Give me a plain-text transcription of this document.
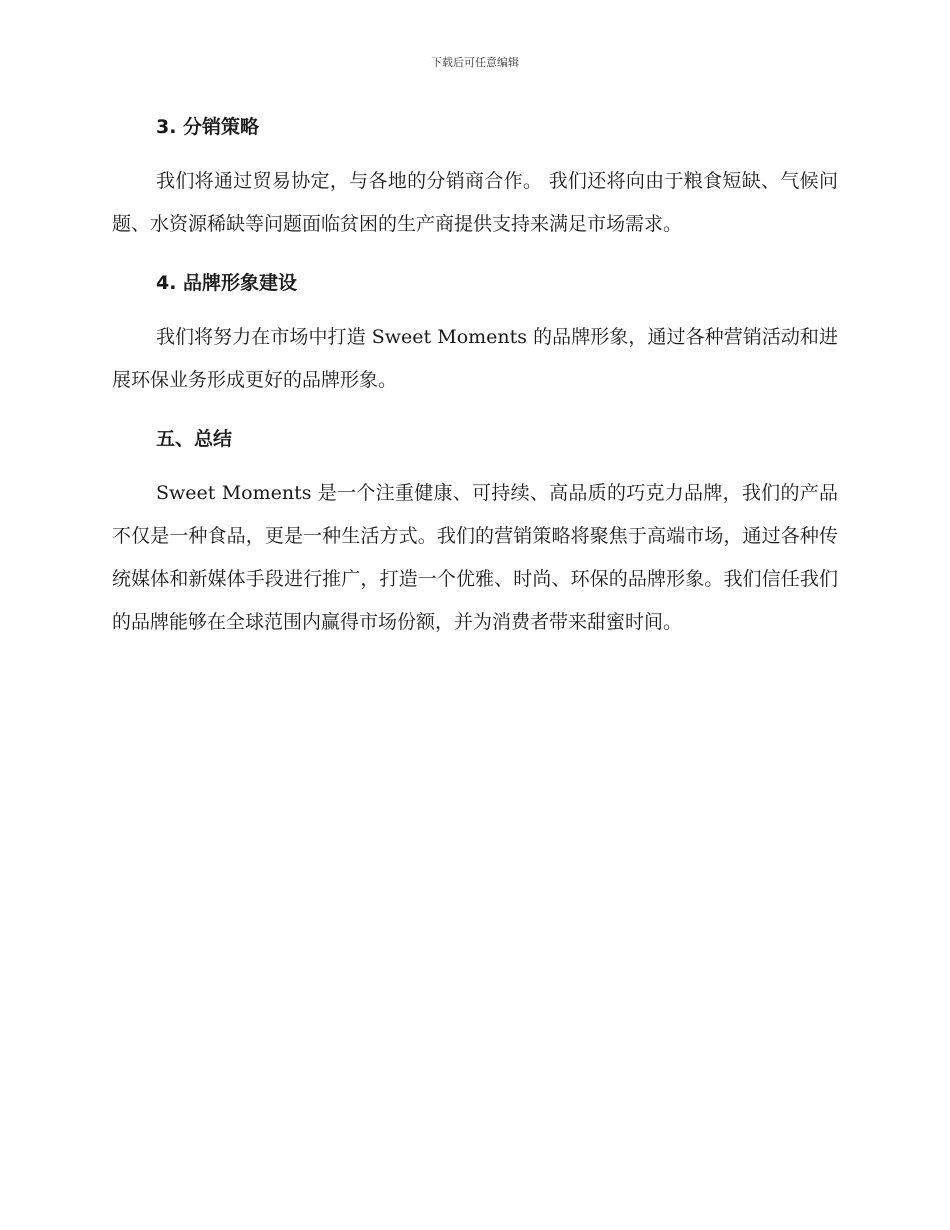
下载后可任意编辑
3. 分销策略

我们将通过贸易协定，与各地的分销商合作。 我们还将向由于粮食短缺、气候问题、水资源稀缺等问题面临贫困的生产商提供支持来满足市场需求。

4. 品牌形象建设

我们将努力在市场中打造 Sweet Moments 的品牌形象，通过各种营销活动和进展环保业务形成更好的品牌形象。

五、总结

Sweet Moments 是一个注重健康、可持续、高品质的巧克力品牌，我们的产品不仅是一种食品，更是一种生活方式。我们的营销策略将聚焦于高端市场，通过各种传统媒体和新媒体手段进行推广，打造一个优雅、时尚、环保的品牌形象。我们信任我们的品牌能够在全球范围内赢得市场份额，并为消费者带来甜蜜时间。
